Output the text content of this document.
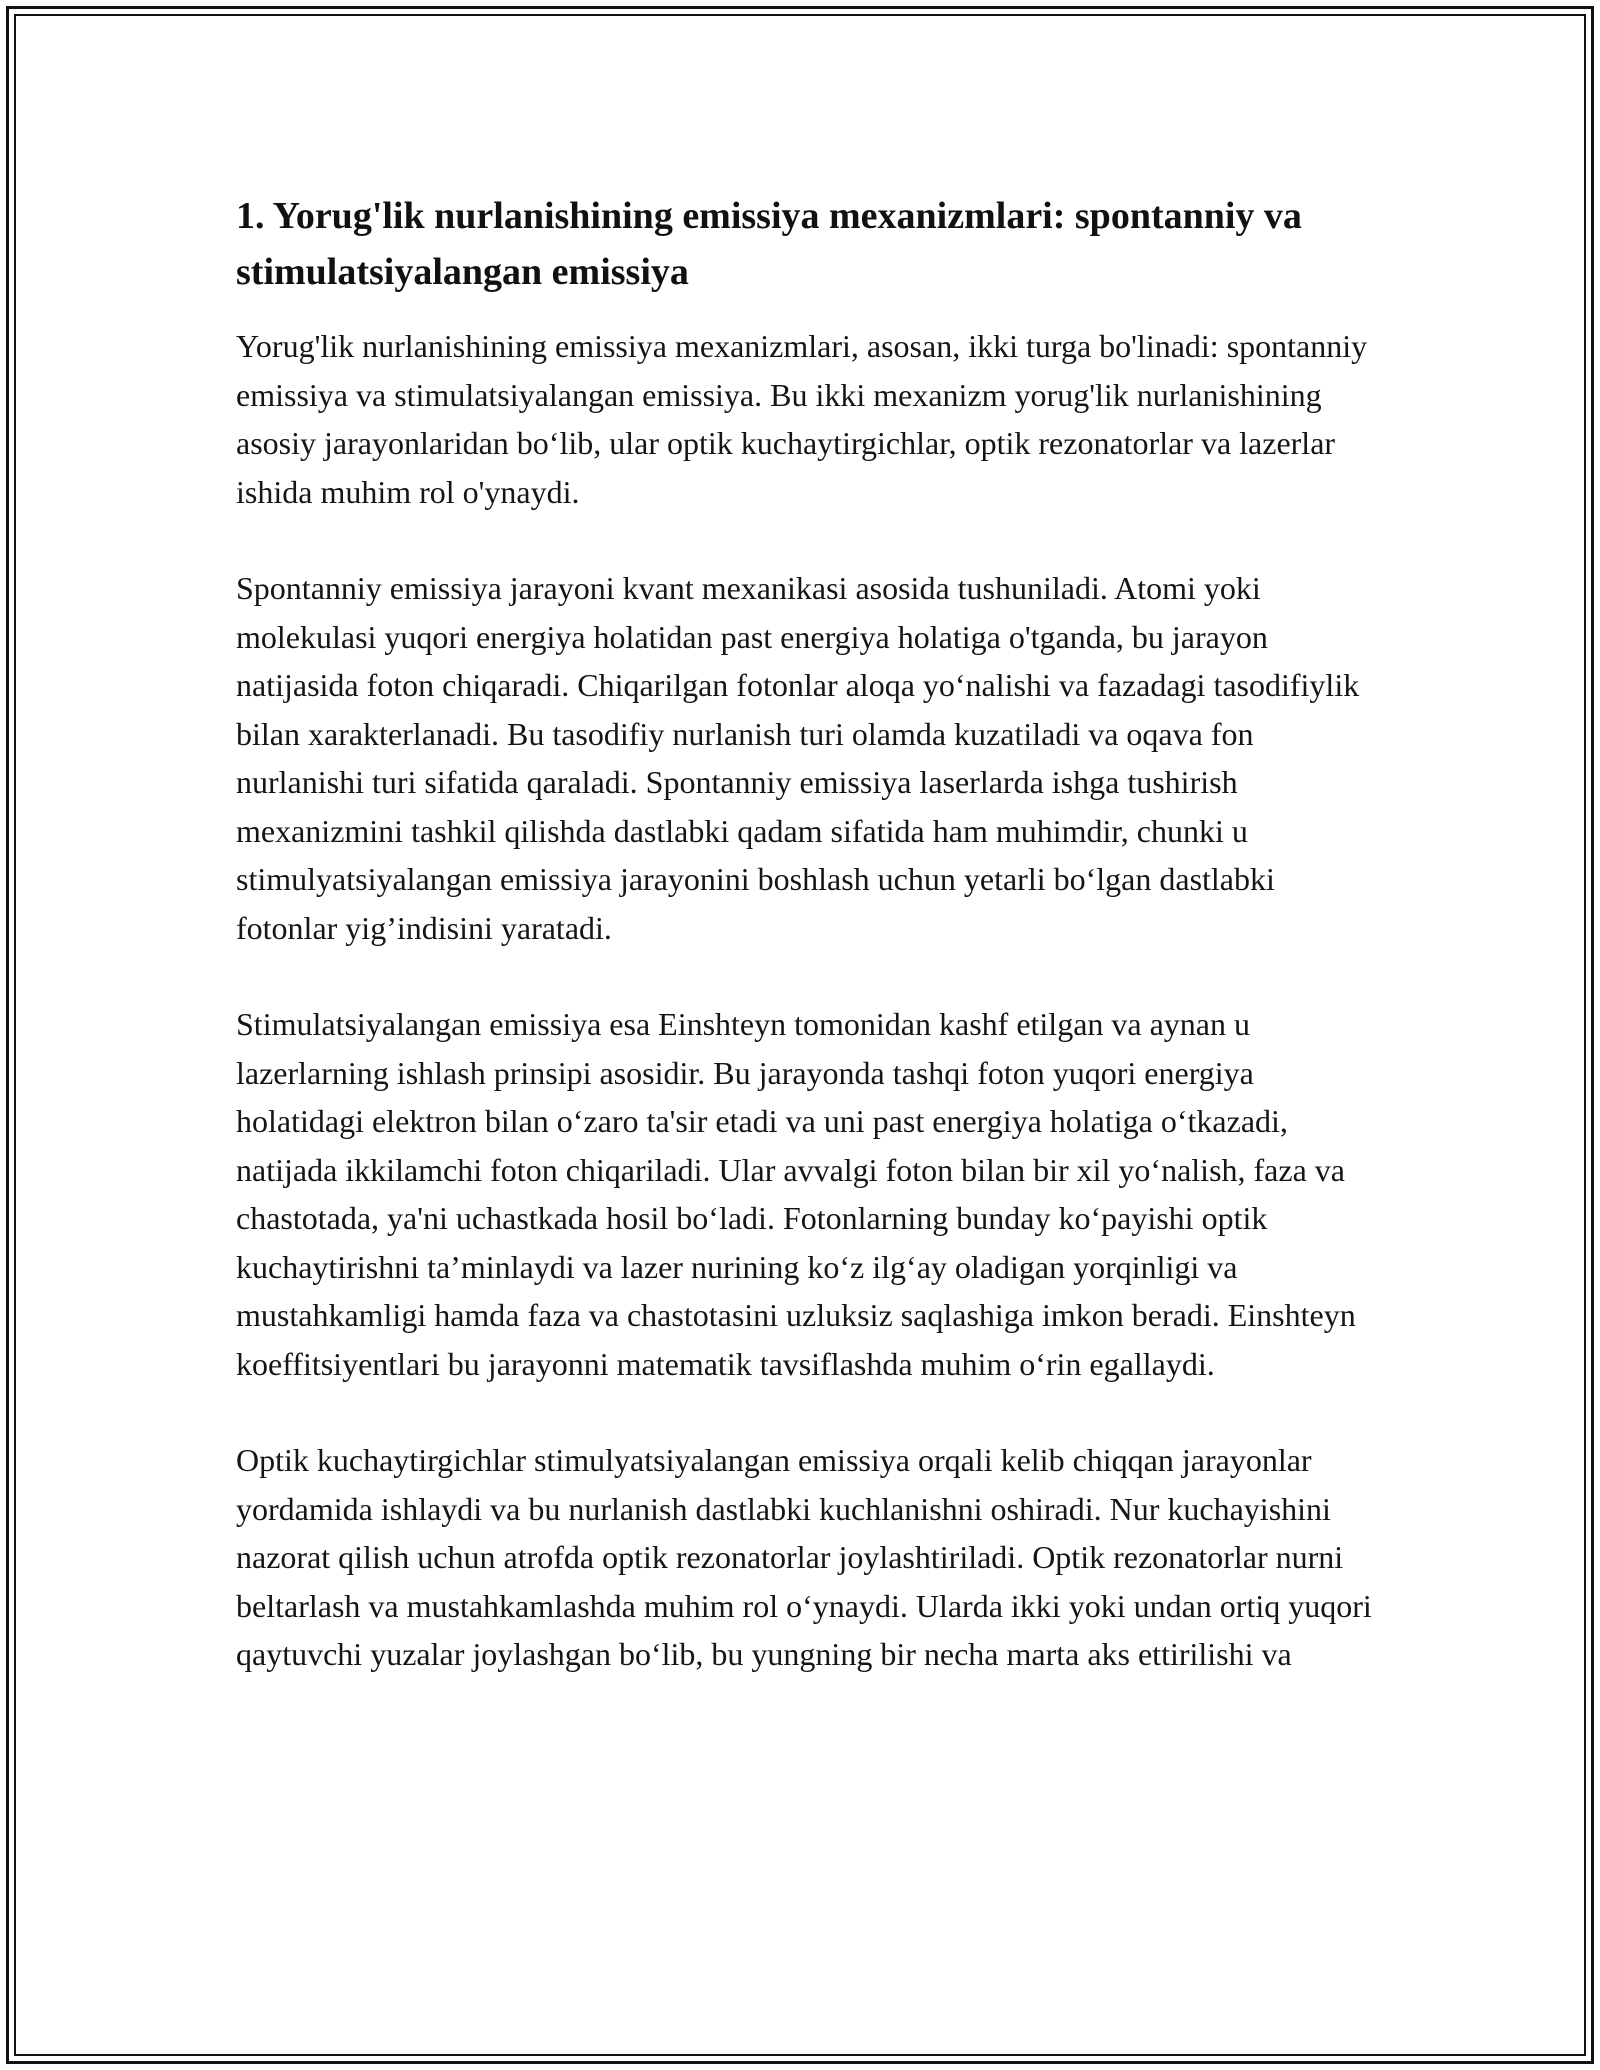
1. Yorug'lik nurlanishining emissiya mexanizmlari: spontanniy va stimulatsiyalangan emissiya

Yorug'lik nurlanishining emissiya mexanizmlari, asosan, ikki turga bo'linadi: spontanniy emissiya va stimulatsiyalangan emissiya. Bu ikki mexanizm yorug'lik nurlanishining asosiy jarayonlaridan bo‘lib, ular optik kuchaytirgichlar, optik rezonatorlar va lazerlar ishida muhim rol o'ynaydi.

Spontanniy emissiya jarayoni kvant mexanikasi asosida tushuniladi. Atomi yoki molekulasi yuqori energiya holatidan past energiya holatiga o'tganda, bu jarayon natijasida foton chiqaradi. Chiqarilgan fotonlar aloqa yo‘nalishi va fazadagi tasodifiylik bilan xarakterlanadi. Bu tasodifiy nurlanish turi olamda kuzatiladi va oqava fon nurlanishi turi sifatida qaraladi. Spontanniy emissiya laserlarda ishga tushirish mexanizmini tashkil qilishda dastlabki qadam sifatida ham muhimdir, chunki u stimulyatsiyalangan emissiya jarayonini boshlash uchun yetarli bo‘lgan dastlabki fotonlar yig’indisini yaratadi.

Stimulatsiyalangan emissiya esa Einshteyn tomonidan kashf etilgan va aynan u lazerlarning ishlash prinsipi asosidir. Bu jarayonda tashqi foton yuqori energiya holatidagi elektron bilan o‘zaro ta'sir etadi va uni past energiya holatiga o‘tkazadi, natijada ikkilamchi foton chiqariladi. Ular avvalgi foton bilan bir xil yo‘nalish, faza va chastotada, ya'ni uchastkada hosil bo‘ladi. Fotonlarning bunday ko‘payishi optik kuchaytirishni ta’minlaydi va lazer nurining ko‘z ilg‘ay oladigan yorqinligi va mustahkamligi hamda faza va chastotasini uzluksiz saqlashiga imkon beradi. Einshteyn koeffitsiyentlari bu jarayonni matematik tavsiflashda muhim o‘rin egallaydi.

Optik kuchaytirgichlar stimulyatsiyalangan emissiya orqali kelib chiqqan jarayonlar yordamida ishlaydi va bu nurlanish dastlabki kuchlanishni oshiradi. Nur kuchayishini nazorat qilish uchun atrofda optik rezonatorlar joylashtiriladi. Optik rezonatorlar nurni beltarlash va mustahkamlashda muhim rol o‘ynaydi. Ularda ikki yoki undan ortiq yuqori qaytuvchi yuzalar joylashgan bo‘lib, bu yungning bir necha marta aks ettirilishi va
